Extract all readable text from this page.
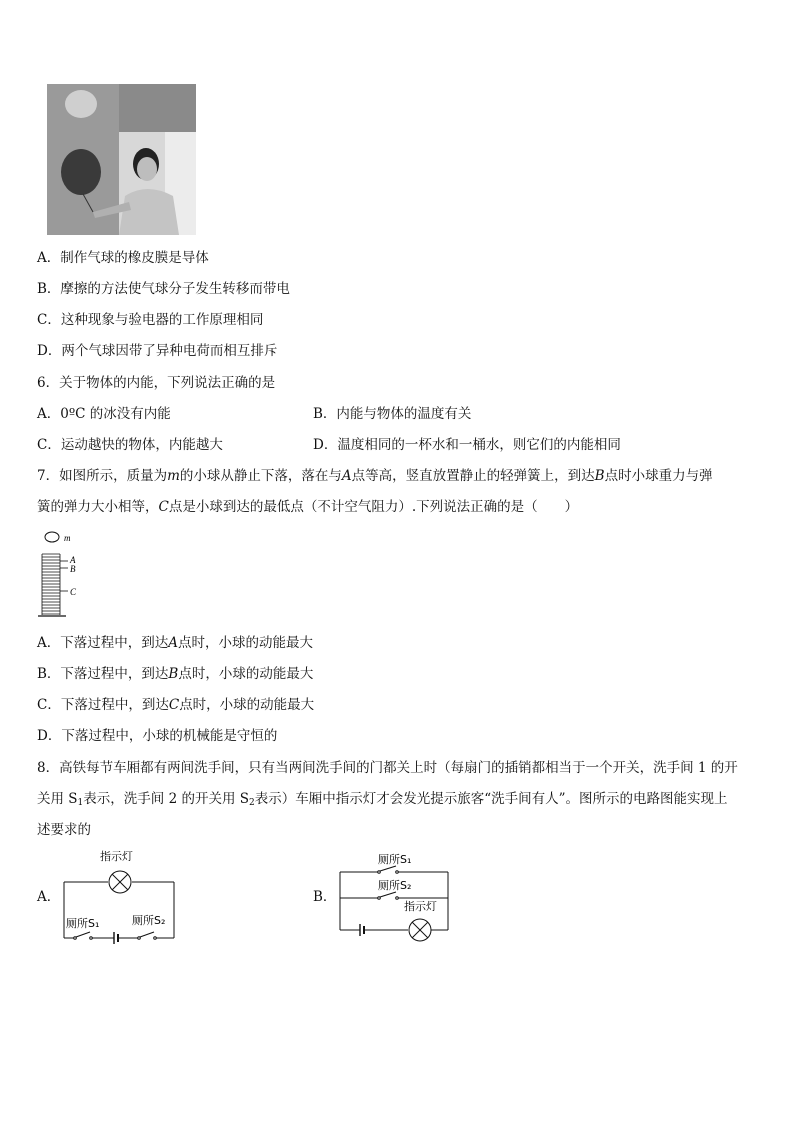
A．制作气球的橡皮膜是导体
B．摩擦的方法使气球分子发生转移而带电
C．这种现象与验电器的工作原理相同
D．两个气球因带了异种电荷而相互排斥
6．关于物体的内能，下列说法正确的是
A．0ºC 的冰没有内能	B．内能与物体的温度有关
C．运动越快的物体，内能越大	D．温度相同的一杯水和一桶水，则它们的内能相同
7．如图所示，质量为m的小球从静止下落，落在与A点等高，竖直放置静止的轻弹簧上，到达B点时小球重力与弹
簧的弹力大小相等，C点是小球到达的最低点（不计空气阻力）.下列说法正确的是（　　）
m
A
B
C
A．下落过程中，到达A点时，小球的动能最大
B．下落过程中，到达B点时，小球的动能最大
C．下落过程中，到达C点时，小球的动能最大
D．下落过程中，小球的机械能是守恒的
8．高铁每节车厢都有两间洗手间，只有当两间洗手间的门都关上时（每扇门的插销都相当于一个开关，洗手间 1 的开
关用 $S_1$表示，洗手间 2 的开关用 $S_2$表示）车厢中指示灯才会发光提示旅客“洗手间有人”。图所示的电路图能实现上
述要求的
A．
指示灯
厕所S₁	厕所S₂
B．
厕所S₁
厕所S₂
指示灯
